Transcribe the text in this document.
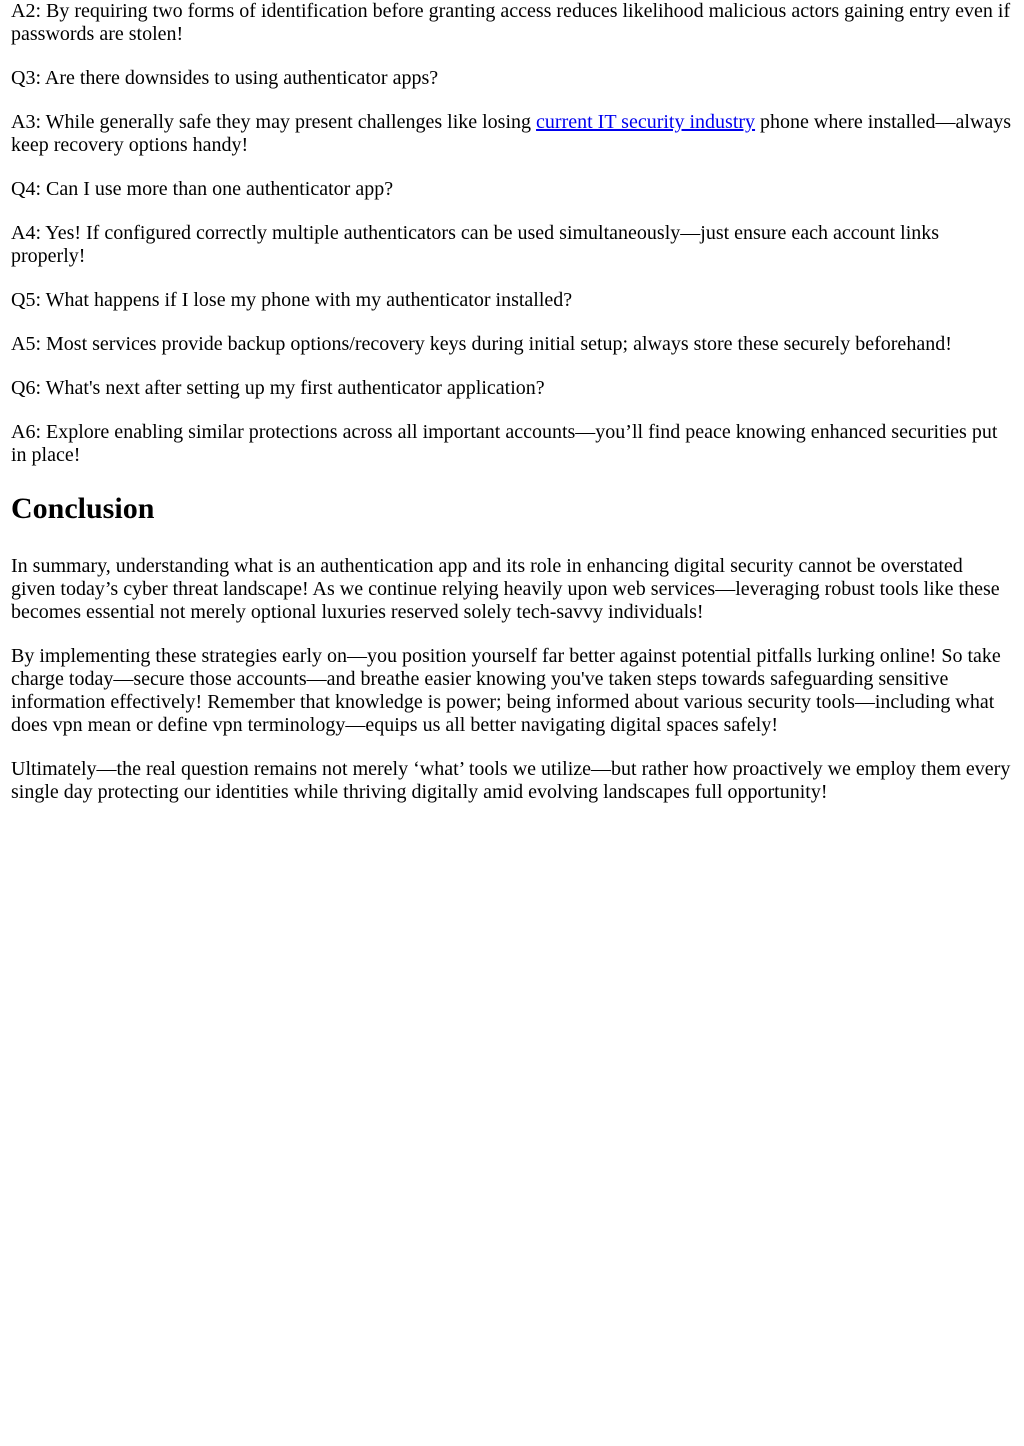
A2: By requiring two forms of identification before granting access reduces likelihood malicious actors gaining entry even if passwords are stolen!

Q3: Are there downsides to using authenticator apps?

A3: While generally safe they may present challenges like losing current IT security industry phone where installed—always keep recovery options handy!

Q4: Can I use more than one authenticator app?

A4: Yes! If configured correctly multiple authenticators can be used simultaneously—just ensure each account links properly!

Q5: What happens if I lose my phone with my authenticator installed?

A5: Most services provide backup options/recovery keys during initial setup; always store these securely beforehand!

Q6: What's next after setting up my first authenticator application?

A6: Explore enabling similar protections across all important accounts—you’ll find peace knowing enhanced securities put in place!

Conclusion

In summary, understanding what is an authentication app and its role in enhancing digital security cannot be overstated given today’s cyber threat landscape! As we continue relying heavily upon web services—leveraging robust tools like these becomes essential not merely optional luxuries reserved solely tech-savvy individuals!

By implementing these strategies early on—you position yourself far better against potential pitfalls lurking online! So take charge today—secure those accounts—and breathe easier knowing you've taken steps towards safeguarding sensitive information effectively! Remember that knowledge is power; being informed about various security tools—including what does vpn mean or define vpn terminology—equips us all better navigating digital spaces safely!

Ultimately—the real question remains not merely ‘what’ tools we utilize—but rather how proactively we employ them every single day protecting our identities while thriving digitally amid evolving landscapes full opportunity!
